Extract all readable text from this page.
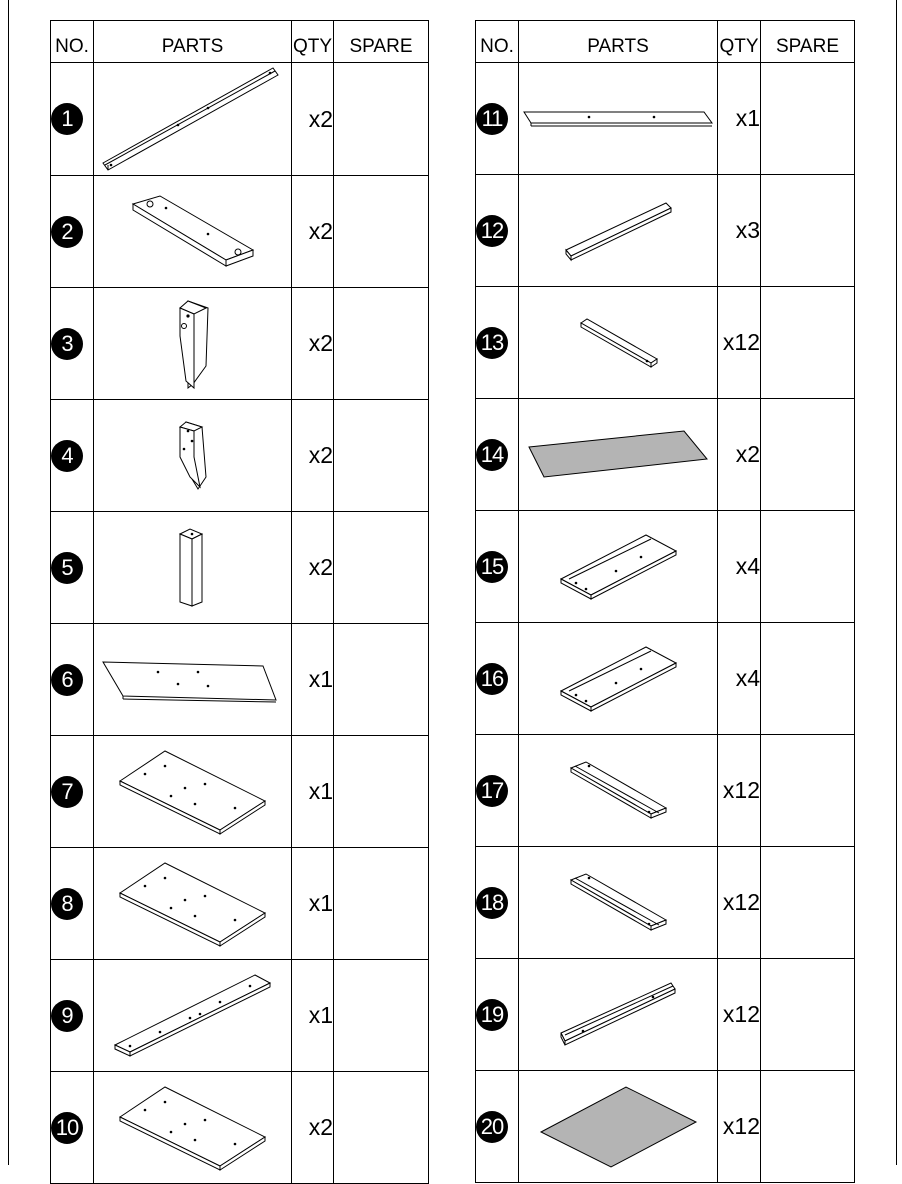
NO.	PARTS	QTY	SPARE
1		x2	
2		x2	
3		x2	
4		x2	
5		x2	
6		x1	
7		x1	
8		x1	
9		x1	
10		x2	
NO.	PARTS	QTY	SPARE
11		x1	
12		x3	
13		x12	
14		x2	
15		x4	
16		x4	
17		x12	
18		x12	
19		x12	
20		x12	
